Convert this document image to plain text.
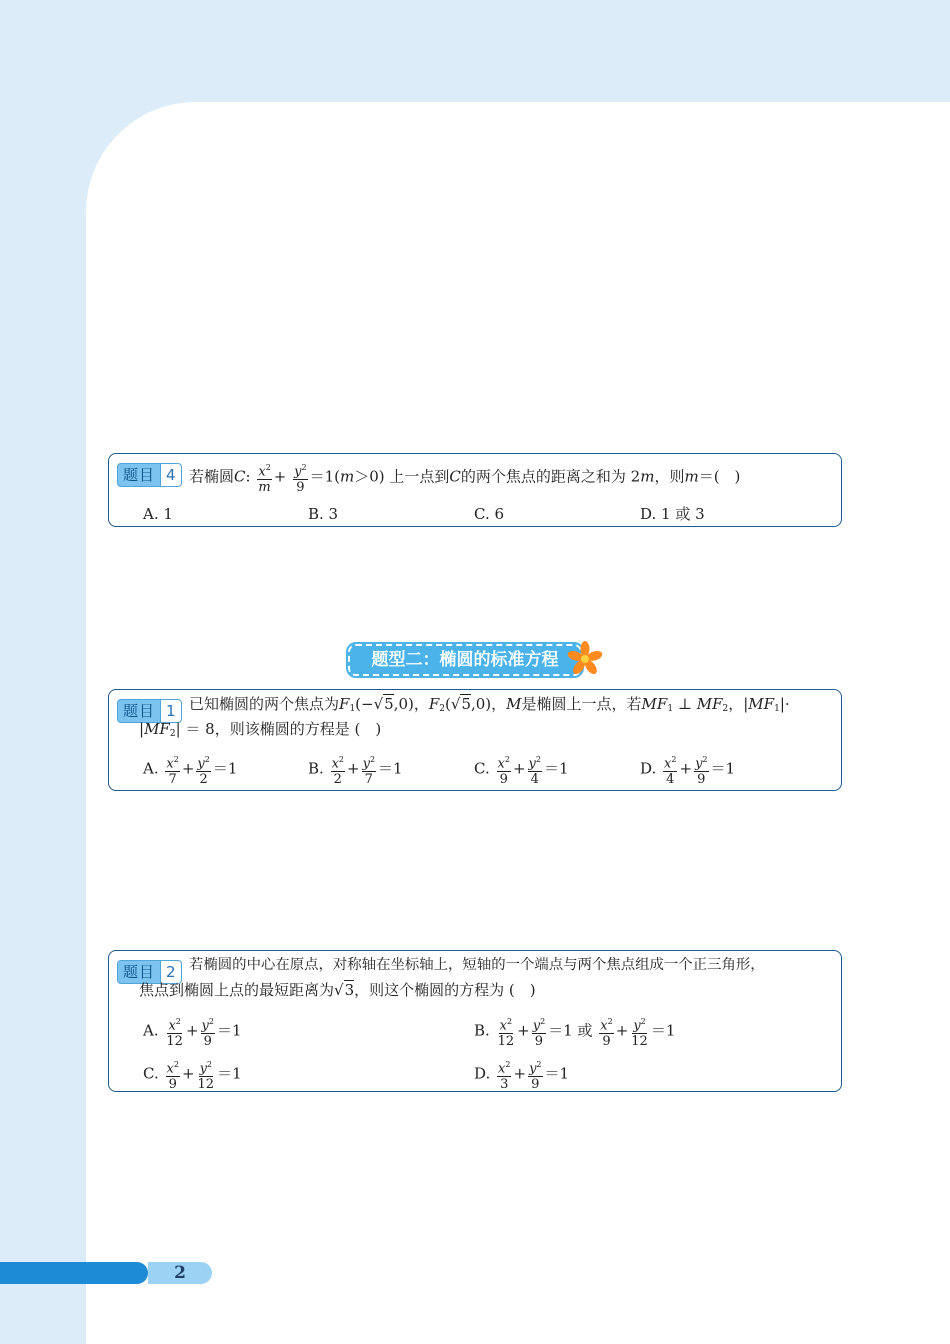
题目 4 若椭圆C: $\frac{x^2}{m} + \frac{y^2}{9} =1(m>0)$ 上一点到C的两个焦点的距离之和为 2m，则m＝(　)
A. 1	B. 3	C. 6	D. 1 或 3
题型二：椭圆的标准方程
题目 1 已知椭圆的两个焦点为$F_1(-√5,0)$，$F_2(√5,0)$，M是椭圆上一点，若$MF_1$ ⊥ $MF_2$，$|MF_1|\cdot$
$|MF_2| = 8$，则该椭圆的方程是 (　)
A. $\frac{x^2}{7} + \frac{y^2}{2} =1$	B. $\frac{x^2}{2} + \frac{y^2}{7} =1$	C. $\frac{x^2}{9} + \frac{y^2}{4} =1$	D. $\frac{x^2}{4} + \frac{y^2}{9} =1$
题目 2 若椭圆的中心在原点，对称轴在坐标轴上，短轴的一个端点与两个焦点组成一个正三角形，
焦点到椭圆上点的最短距离为√3，则这个椭圆的方程为 (　)
A. $\frac{x^2}{12} + \frac{y^2}{9} =1$	B. $\frac{x^2}{12} + \frac{y^2}{9} =1$ 或 $\frac{x^2}{9} + \frac{y^2}{12} =1$
C. $\frac{x^2}{9} + \frac{y^2}{12} =1$	D. $\frac{x^2}{3} + \frac{y^2}{9} =1$
2
